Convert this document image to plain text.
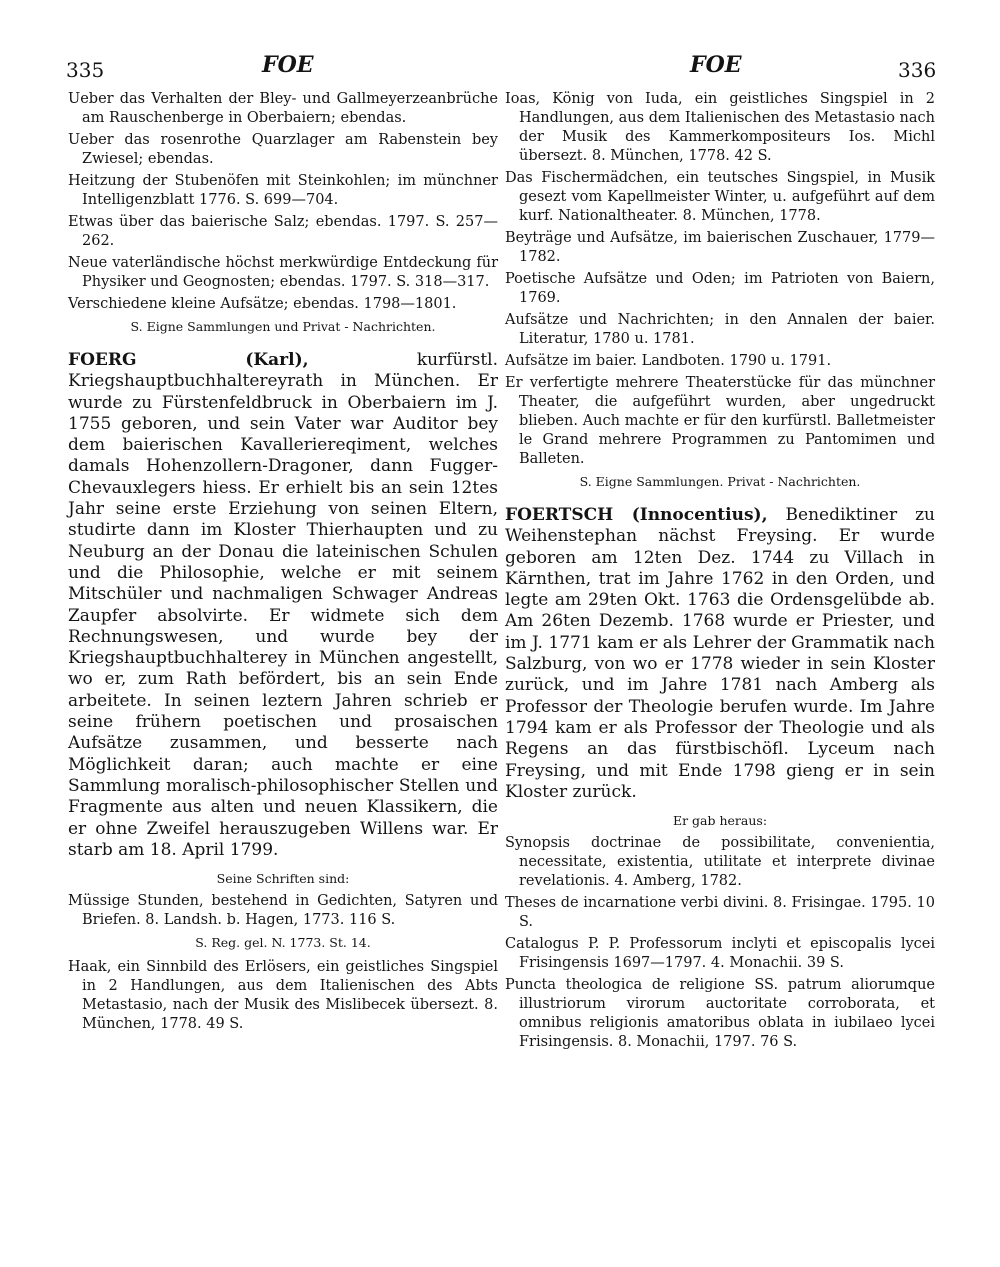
335	FOE	FOE	336

Ueber das Verhalten der Bley- und Gallmeyerzeanbrüche am Rauschenberge in Oberbaiern; ebendas.

Ueber das rosenrothe Quarzlager am Rabenstein bey Zwiesel; ebendas.

Heitzung der Stubenöfen mit Steinkohlen; im münchner Intelligenzblatt 1776. S. 699—704.

Etwas über das baierische Salz; ebendas. 1797. S. 257—262.

Neue vaterländische höchst merkwürdige Entdeckung für Physiker und Geognosten; ebendas. 1797. S. 318—317.

Verschiedene kleine Aufsätze; ebendas. 1798—1801.

S. Eigne Sammlungen und Privat - Nachrichten.

FOERG (Karl),	kurfürstl. Kriegshauptbuchhaltereyrath in München. Er wurde zu Fürstenfeldbruck in Oberbaiern im J. 1755 geboren, und sein Vater war Auditor bey dem baierischen Kavalleriereqiment, welches damals Hohenzollern-Dragoner, dann Fugger-Chevauxlegers hiess. Er erhielt bis an sein 12tes Jahr seine erste Erziehung von seinen Eltern, studirte dann im Kloster Thierhaupten und zu Neuburg an der Donau die lateinischen Schulen und die Philosophie, welche er mit seinem Mitschüler und nachmaligen Schwager Andreas Zaupfer absolvirte. Er widmete sich dem Rechnungswesen, und wurde bey der Kriegshauptbuchhalterey in München angestellt, wo er, zum Rath befördert, bis an sein Ende arbeitete. In seinen leztern Jahren schrieb er seine frühern poetischen und prosaischen Aufsätze zusammen, und besserte nach Möglichkeit daran; auch machte er eine Sammlung moralisch-philosophischer Stellen und Fragmente aus alten und neuen Klassikern, die er ohne Zweifel herauszugeben Willens war. Er starb am 18. April 1799.

Seine Schriften sind:

Müssige Stunden, bestehend in Gedichten, Satyren und Briefen. 8. Landsh. b. Hagen, 1773. 116 S.

S. Reg. gel. N. 1773. St. 14.

Haak, ein Sinnbild des Erlösers, ein geistliches Singspiel in 2 Handlungen, aus dem Italienischen des Abts Metastasio, nach der Musik des Mislibecek übersezt. 8. München, 1778. 49 S.

Ioas, König von Iuda, ein geistliches Singspiel in 2 Handlungen, aus dem Italienischen des Metastasio nach der Musik des Kammerkompositeurs Ios. Michl übersezt. 8. München, 1778. 42 S.

Das Fischermädchen, ein teutsches Singspiel, in Musik gesezt vom Kapellmeister Winter, u. aufgeführt auf dem kurf. Nationaltheater. 8. München, 1778.

Beyträge und Aufsätze, im baierischen Zuschauer, 1779—1782.

Poetische Aufsätze und Oden; im Patrioten von Baiern, 1769.

Aufsätze und Nachrichten; in den Annalen der baier. Literatur, 1780 u. 1781.

Aufsätze im baier. Landboten. 1790 u. 1791.

Er verfertigte mehrere Theaterstücke für das münchner Theater, die aufgeführt wurden, aber ungedruckt blieben. Auch machte er für den kurfürstl. Balletmeister le Grand mehrere Programmen zu Pantomimen und Balleten.

S. Eigne Sammlungen. Privat - Nachrichten.

FOERTSCH (Innocentius), Benediktiner zu Weihenstephan nächst Freysing. Er wurde geboren am 12ten Dez. 1744 zu Villach in Kärnthen, trat im Jahre 1762 in den Orden, und legte am 29ten Okt. 1763 die Ordensgelübde ab. Am 26ten Dezemb. 1768 wurde er Priester, und im J. 1771 kam er als Lehrer der Grammatik nach Salzburg, von wo er 1778 wieder in sein Kloster zurück, und im Jahre 1781 nach Amberg als Professor der Theologie berufen wurde. Im Jahre 1794 kam er als Professor der Theologie und als Regens an das fürstbischöfl. Lyceum nach Freysing, und mit Ende 1798 gieng er in sein Kloster zurück.

Er gab heraus:

Synopsis doctrinae de possibilitate, convenientia, necessitate, existentia, utilitate et interprete divinae revelationis. 4. Amberg, 1782.

Theses de incarnatione verbi divini. 8. Frisingae. 1795. 10 S.

Catalogus P. P. Professorum inclyti et episcopalis lycei Frisingensis 1697—1797. 4. Monachii. 39 S.

Puncta theologica de religione SS. patrum aliorumque illustriorum virorum auctoritate corroborata, et omnibus religionis amatoribus oblata in iubilaeo lycei Frisingensis. 8. Monachii, 1797. 76 S.
